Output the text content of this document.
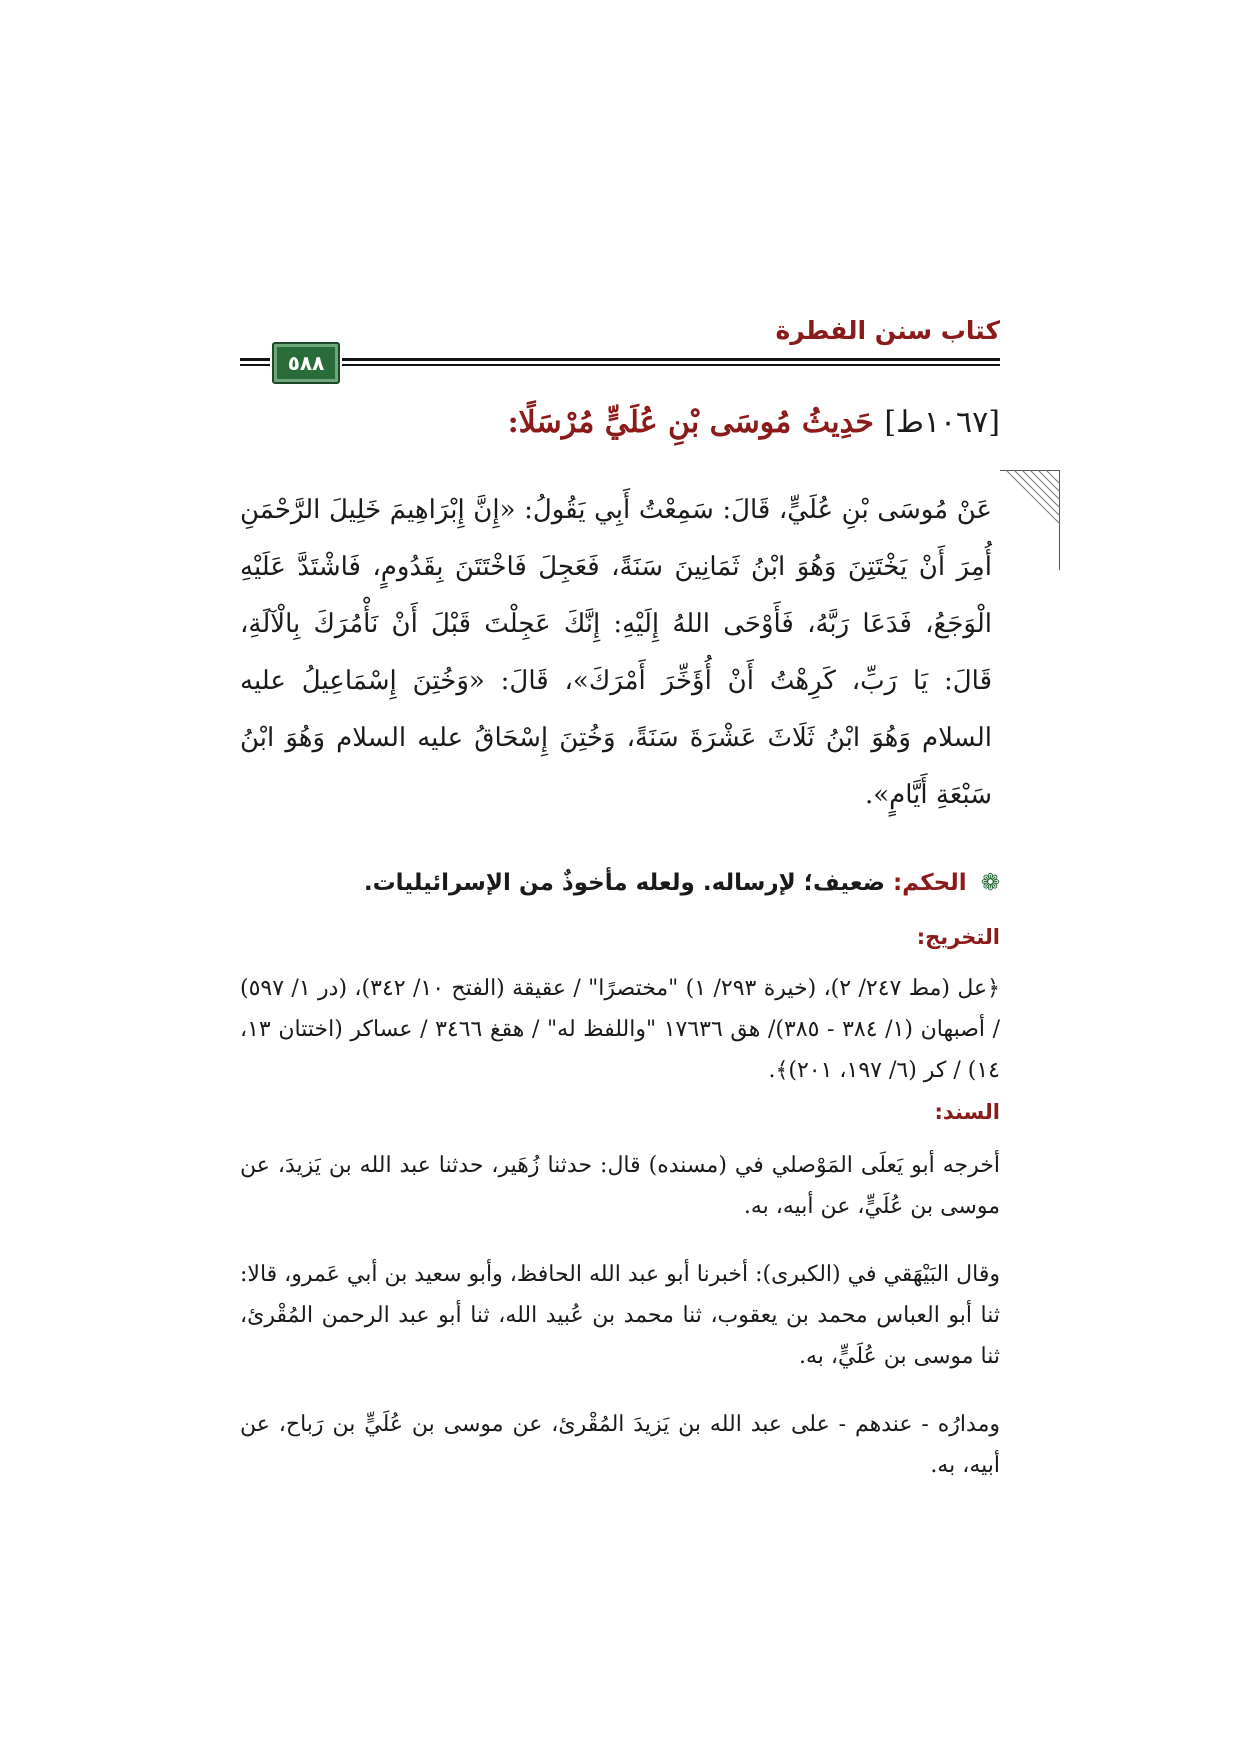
كتاب سنن الفطرة
٥٨٨
[١٠٦٧ط] حَدِيثُ مُوسَى بْنِ عُلَيٍّ مُرْسَلًا:
عَنْ مُوسَى بْنِ عُلَيٍّ، قَالَ: سَمِعْتُ أَبِي يَقُولُ: «إِنَّ إِبْرَاهِيمَ خَلِيلَ الرَّحْمَنِ أُمِرَ أَنْ يَخْتَتِنَ وَهُوَ ابْنُ ثَمَانِينَ سَنَةً، فَعَجِلَ فَاخْتَتَنَ بِقَدُومٍ، فَاشْتَدَّ عَلَيْهِ الْوَجَعُ، فَدَعَا رَبَّهُ، فَأَوْحَى اللهُ إِلَيْهِ: إِنَّكَ عَجِلْتَ قَبْلَ أَنْ نَأْمُرَكَ بِالْآلَةِ، قَالَ: يَا رَبِّ، كَرِهْتُ أَنْ أُؤَخِّرَ أَمْرَكَ»، قَالَ: «وَخُتِنَ إِسْمَاعِيلُ عليه السلام وَهُوَ ابْنُ ثَلَاثَ عَشْرَةَ سَنَةً، وَخُتِنَ إِسْحَاقُ عليه السلام وَهُوَ ابْنُ سَبْعَةِ أَيَّامٍ».
❁ الحكم: ضعيف؛ لإرساله. ولعله مأخوذٌ من الإسرائيليات.
التخريج:
﴿عل (مط ٢٤٧/ ٢)، (خيرة ٢٩٣/ ١) "مختصرًا" / عقيقة (الفتح ١٠/ ٣٤٢)، (در ١/ ٥٩٧) / أصبهان (١/ ٣٨٤ - ٣٨٥)/ هق ١٧٦٣٦ "واللفظ له" / هقغ ٣٤٦٦ / عساكر (اختتان ١٣، ١٤) / كر (٦/ ١٩٧، ٢٠١)﴾.
السند:
أخرجه أبو يَعلَى المَوْصلي في (مسنده) قال: حدثنا زُهَير، حدثنا عبد الله بن يَزيدَ، عن موسى بن عُلَيٍّ، عن أبيه، به.
وقال البَيْهَقي في (الكبرى): أخبرنا أبو عبد الله الحافظ، وأبو سعيد بن أبي عَمرو، قالا: ثنا أبو العباس محمد بن يعقوب، ثنا محمد بن عُبيد الله، ثنا أبو عبد الرحمن المُقْرئ، ثنا موسى بن عُلَيٍّ، به.
ومدارُه - عندهم - على عبد الله بن يَزيدَ المُقْرئ، عن موسى بن عُلَيٍّ بن رَباح، عن أبيه، به.
